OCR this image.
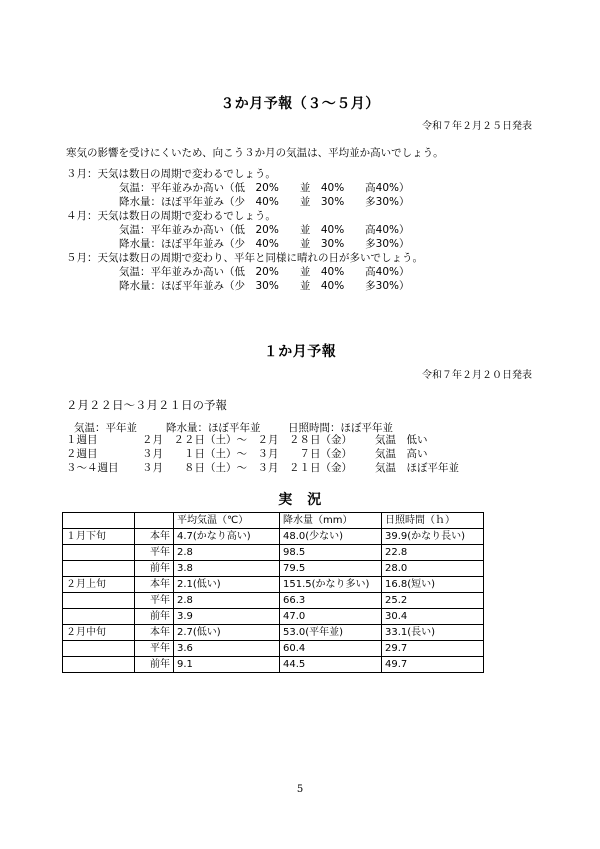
３か月予報（３～５月）
令和７年２月２５日発表
寒気の影響を受けにくいため、向こう３か月の気温は、平均並か高いでしょう。
３月：天気は数日の周期で変わるでしょう。
気温：平年並みか高い（低　20%　　並　40%　　高40%）
降水量：ほぼ平年並み（少　40%　　並　30%　　多30%）
４月：天気は数日の周期で変わるでしょう。
気温：平年並みか高い（低　20%　　並　40%　　高40%）
降水量：ほぼ平年並み（少　40%　　並　30%　　多30%）
５月：天気は数日の周期で変わり、平年と同様に晴れの日が多いでしょう。
気温：平年並みか高い（低　20%　　並　40%　　高40%）
降水量：ほぼ平年並み（少　30%　　並　40%　　多30%）
１か月予報
令和７年２月２０日発表
２月２２日～３月２１日の予報
気温：平年並	降水量：ほぼ平年並	日照時間：ほぼ平年並
１週目	２月　２２日（土）～　２月　２８日（金） 気温　低い
２週目	３月　　１日（土）～　３月　　７日（金） 気温　高い
３～４週目 ３月　　８日（土）～　３月　２１日（金） 気温　ほぼ平年並
実　況
		平均気温（℃）	降水量（mm）	日照時間（ｈ）
１月下旬	本年	4.7(かなり高い)	48.0(少ない)	39.9(かなり長い)
	平年	2.8	98.5	22.8
	前年	3.8	79.5	28.0
２月上旬	本年	2.1(低い)	151.5(かなり多い)	16.8(短い)
	平年	2.8	66.3	25.2
	前年	3.9	47.0	30.4
２月中旬	本年	2.7(低い)	53.0(平年並)	33.1(長い)
	平年	3.6	60.4	29.7
	前年	9.1	44.5	49.7
5
